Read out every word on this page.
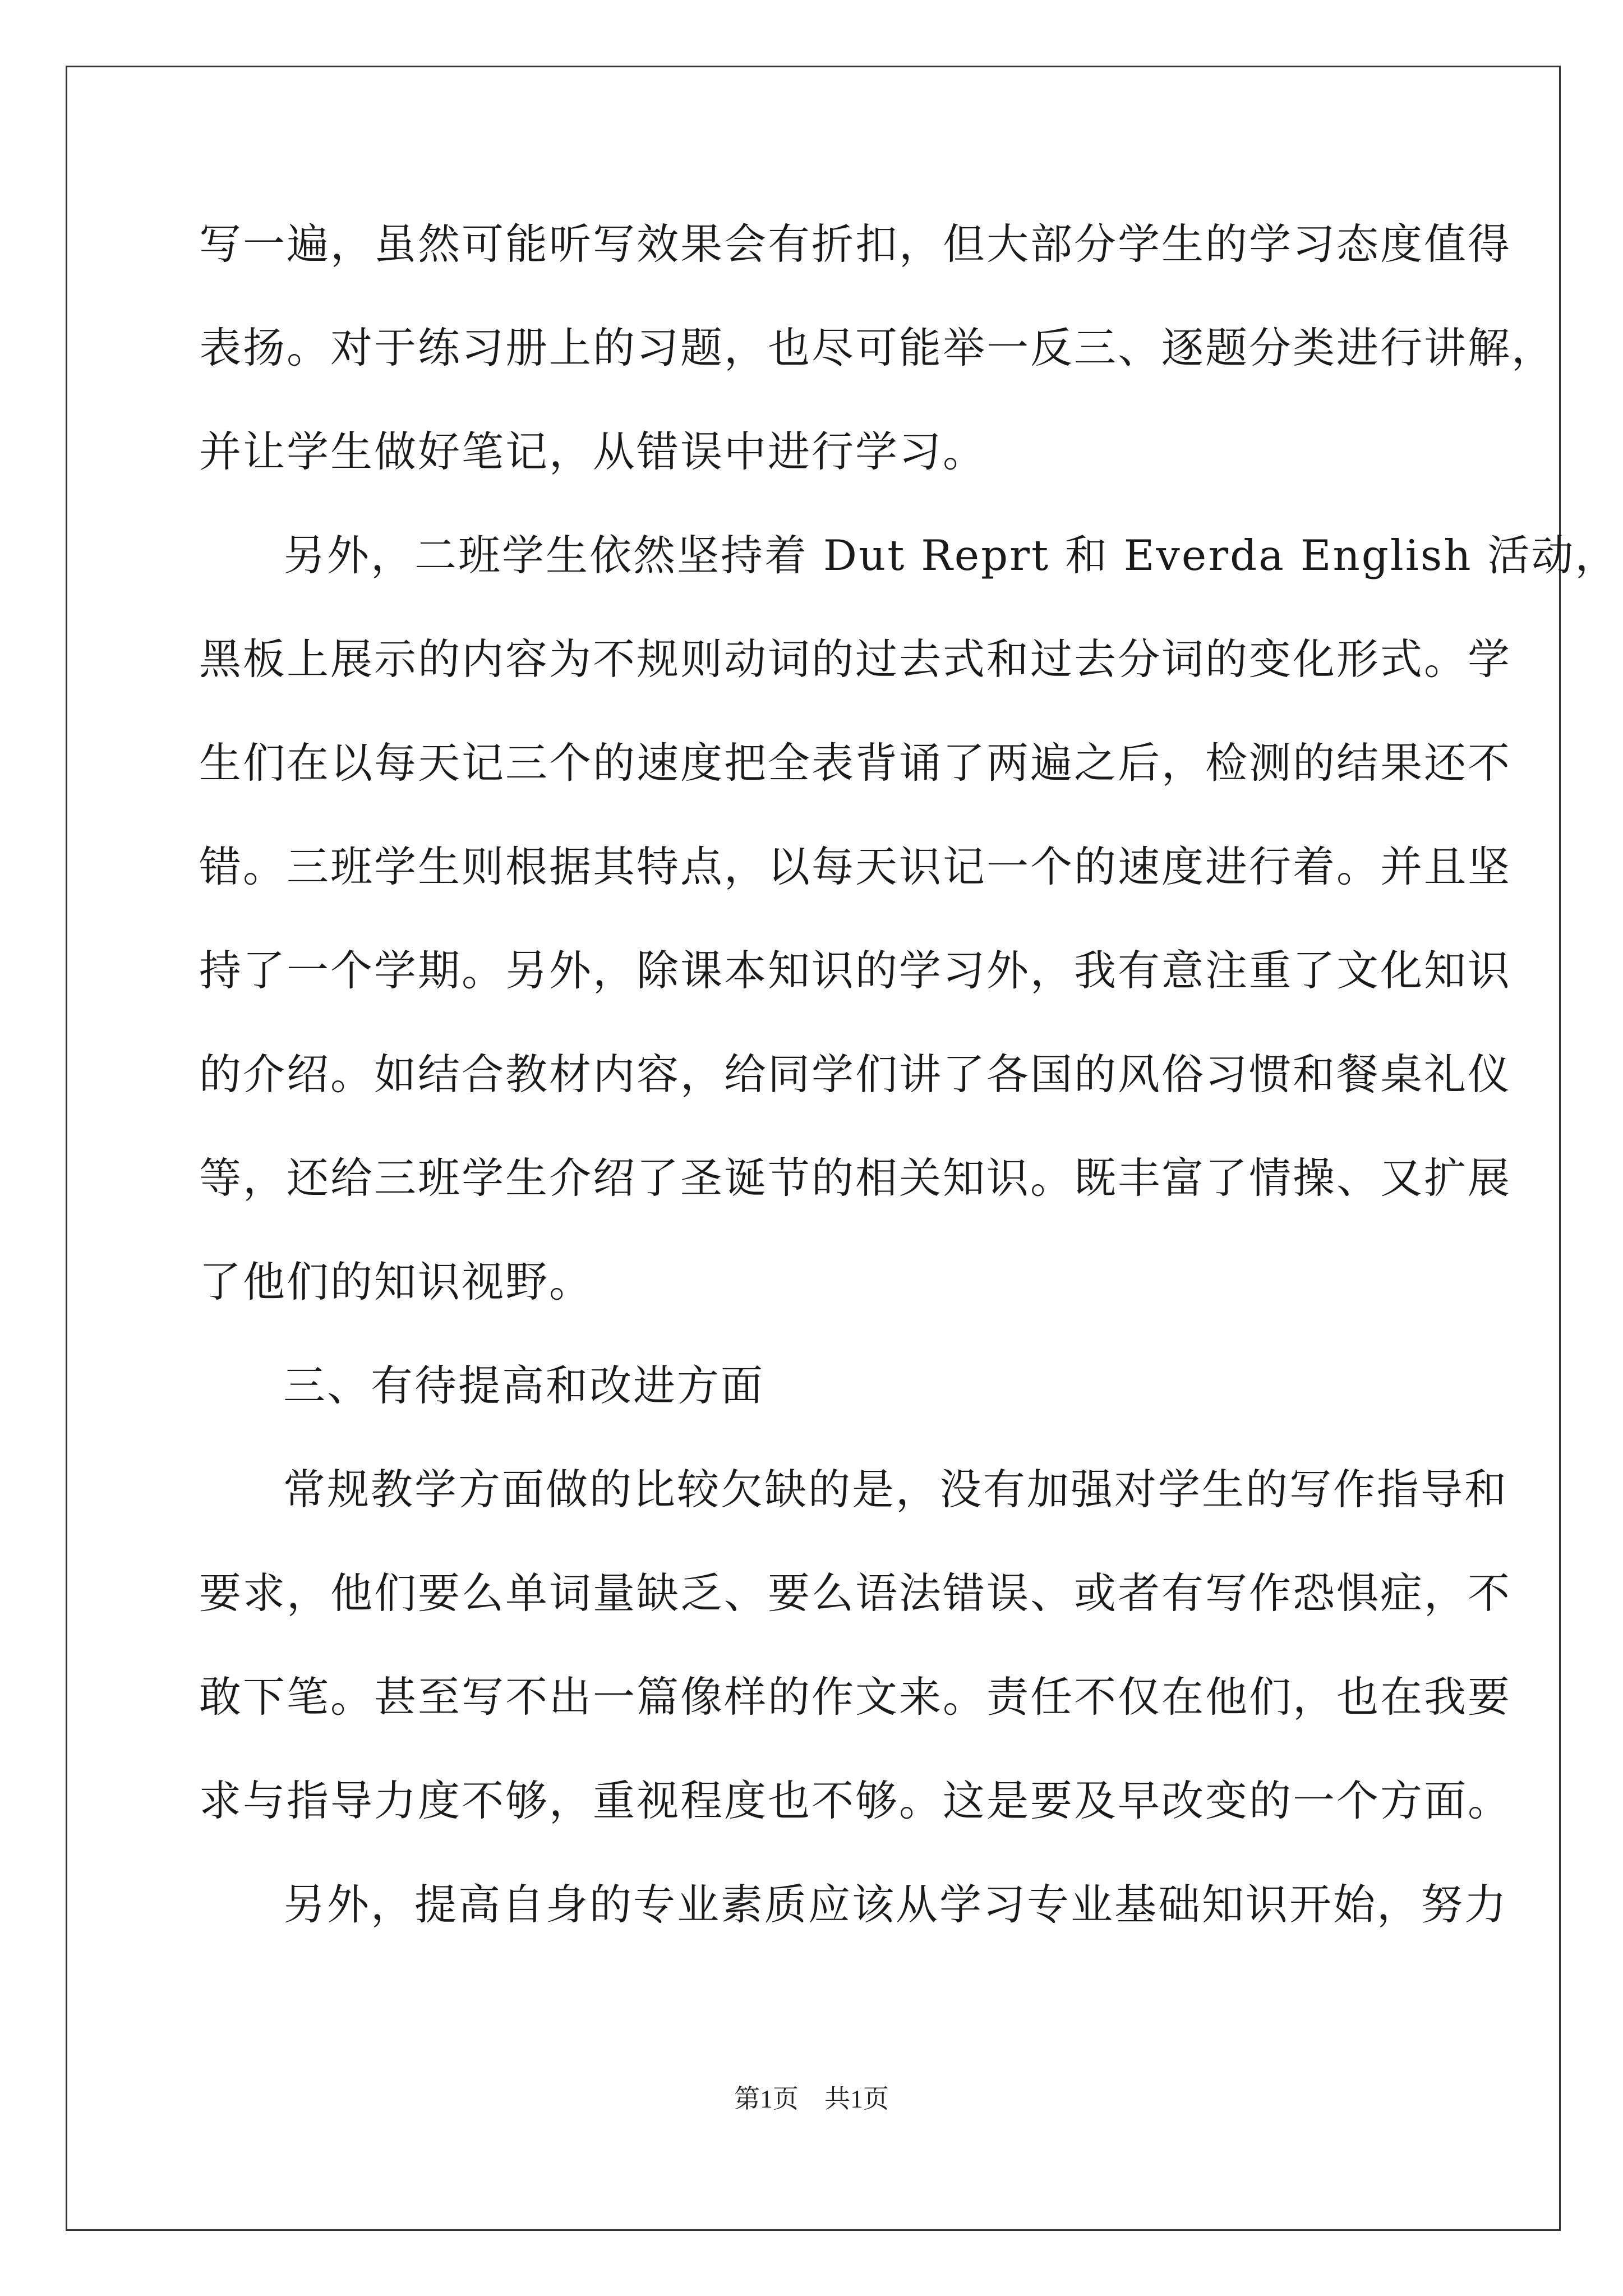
写一遍，虽然可能听写效果会有折扣，但大部分学生的学习态度值得
表扬。对于练习册上的习题，也尽可能举一反三、逐题分类进行讲解，
并让学生做好笔记，从错误中进行学习。
另外，二班学生依然坚持着 Dut Reprt 和 Everda English 活动，
黑板上展示的内容为不规则动词的过去式和过去分词的变化形式。学
生们在以每天记三个的速度把全表背诵了两遍之后，检测的结果还不
错。三班学生则根据其特点，以每天识记一个的速度进行着。并且坚
持了一个学期。另外，除课本知识的学习外，我有意注重了文化知识
的介绍。如结合教材内容，给同学们讲了各国的风俗习惯和餐桌礼仪
等，还给三班学生介绍了圣诞节的相关知识。既丰富了情操、又扩展
了他们的知识视野。
三、有待提高和改进方面
常规教学方面做的比较欠缺的是，没有加强对学生的写作指导和
要求，他们要么单词量缺乏、要么语法错误、或者有写作恐惧症，不
敢下笔。甚至写不出一篇像样的作文来。责任不仅在他们，也在我要
求与指导力度不够，重视程度也不够。这是要及早改变的一个方面。
另外，提高自身的专业素质应该从学习专业基础知识开始，努力
第1页　共1页
